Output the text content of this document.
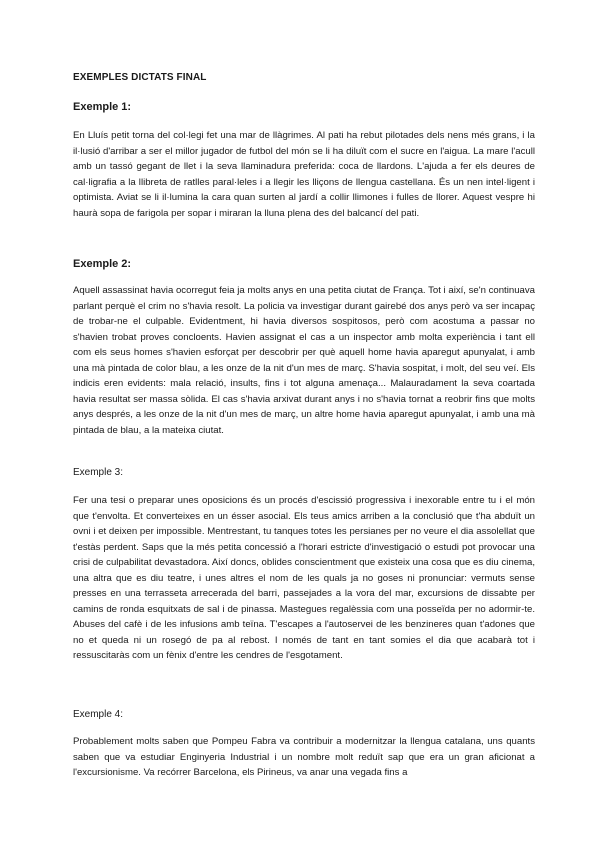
EXEMPLES DICTATS FINAL
Exemple 1:

En Lluís petit torna del col·legi fet una mar de llàgrimes. Al pati ha rebut pilotades dels nens més grans, i la il·lusió d'arribar a ser el millor jugador de futbol del món se li ha diluït com el sucre en l'aigua. La mare l'acull amb un tassó gegant de llet i la seva llaminadura preferida: coca de llardons. L'ajuda a fer els deures de cal·ligrafia a la llibreta de ratlles paral·leles i a llegir les lliçons de llengua castellana. És un nen intel·ligent i optimista. Aviat se li il·lumina la cara quan surten al jardí a collir llimones i fulles de llorer. Aquest vespre hi haurà sopa de farigola per sopar i miraran la lluna plena des del balcancí del pati.

Exemple 2:

Aquell assassinat havia ocorregut feia ja molts anys en una petita ciutat de França. Tot i així, se'n continuava parlant perquè el crim no s'havia resolt. La policia va investigar durant gairebé dos anys però va ser incapaç de trobar-ne el culpable. Evidentment, hi havia diversos sospitosos, però com acostuma a passar no s'havien trobat proves concloents. Havien assignat el cas a un inspector amb molta experiència i tant ell com els seus homes s'havien esforçat per descobrir per què aquell home havia aparegut apunyalat, i amb una mà pintada de color blau, a les onze de la nit d'un mes de març. S'havia sospitat, i molt, del seu veí. Els indicis eren evidents: mala relació, insults, fins i tot alguna amenaça... Malauradament la seva coartada havia resultat ser massa sòlida. El cas s'havia arxivat durant anys i no s'havia tornat a reobrir fins que molts anys després, a les onze de la nit d'un mes de març, un altre home havia aparegut apunyalat, i amb una mà pintada de blau, a la mateixa ciutat.

Exemple 3:

Fer una tesi o preparar unes oposicions és un procés d'escissió progressiva i inexorable entre tu i el món que t'envolta. Et converteixes en un ésser asocial. Els teus amics arriben a la conclusió que t'ha abduït un ovni i et deixen per impossible. Mentrestant, tu tanques totes les persianes per no veure el dia assolellat que t'estàs perdent. Saps que la més petita concessió a l'horari estricte d'investigació o estudi pot provocar una crisi de culpabilitat devastadora. Així doncs, oblides conscientment que existeix una cosa que es diu cinema, una altra que es diu teatre, i unes altres el nom de les quals ja no goses ni pronunciar: vermuts sense presses en una terrasseta arrecerada del barri, passejades a la vora del mar, excursions de dissabte per camins de ronda esquitxats de sal i de pinassa. Mastegues regalèssia com una posseïda per no adormir-te. Abuses del cafè i de les infusions amb teïna. T'escapes a l'autoservei de les benzineres quan t'adones que no et queda ni un rosegó de pa al rebost. I només de tant en tant somies el dia que acabarà tot i ressuscitaràs com un fènix d'entre les cendres de l'esgotament.

Exemple 4:

Probablement molts saben que Pompeu Fabra va contribuir a modernitzar la llengua catalana, uns quants saben que va estudiar Enginyeria Industrial i un nombre molt reduït sap que era un gran aficionat a l'excursionisme. Va recórrer Barcelona, els Pirineus, va anar una vegada fins a
